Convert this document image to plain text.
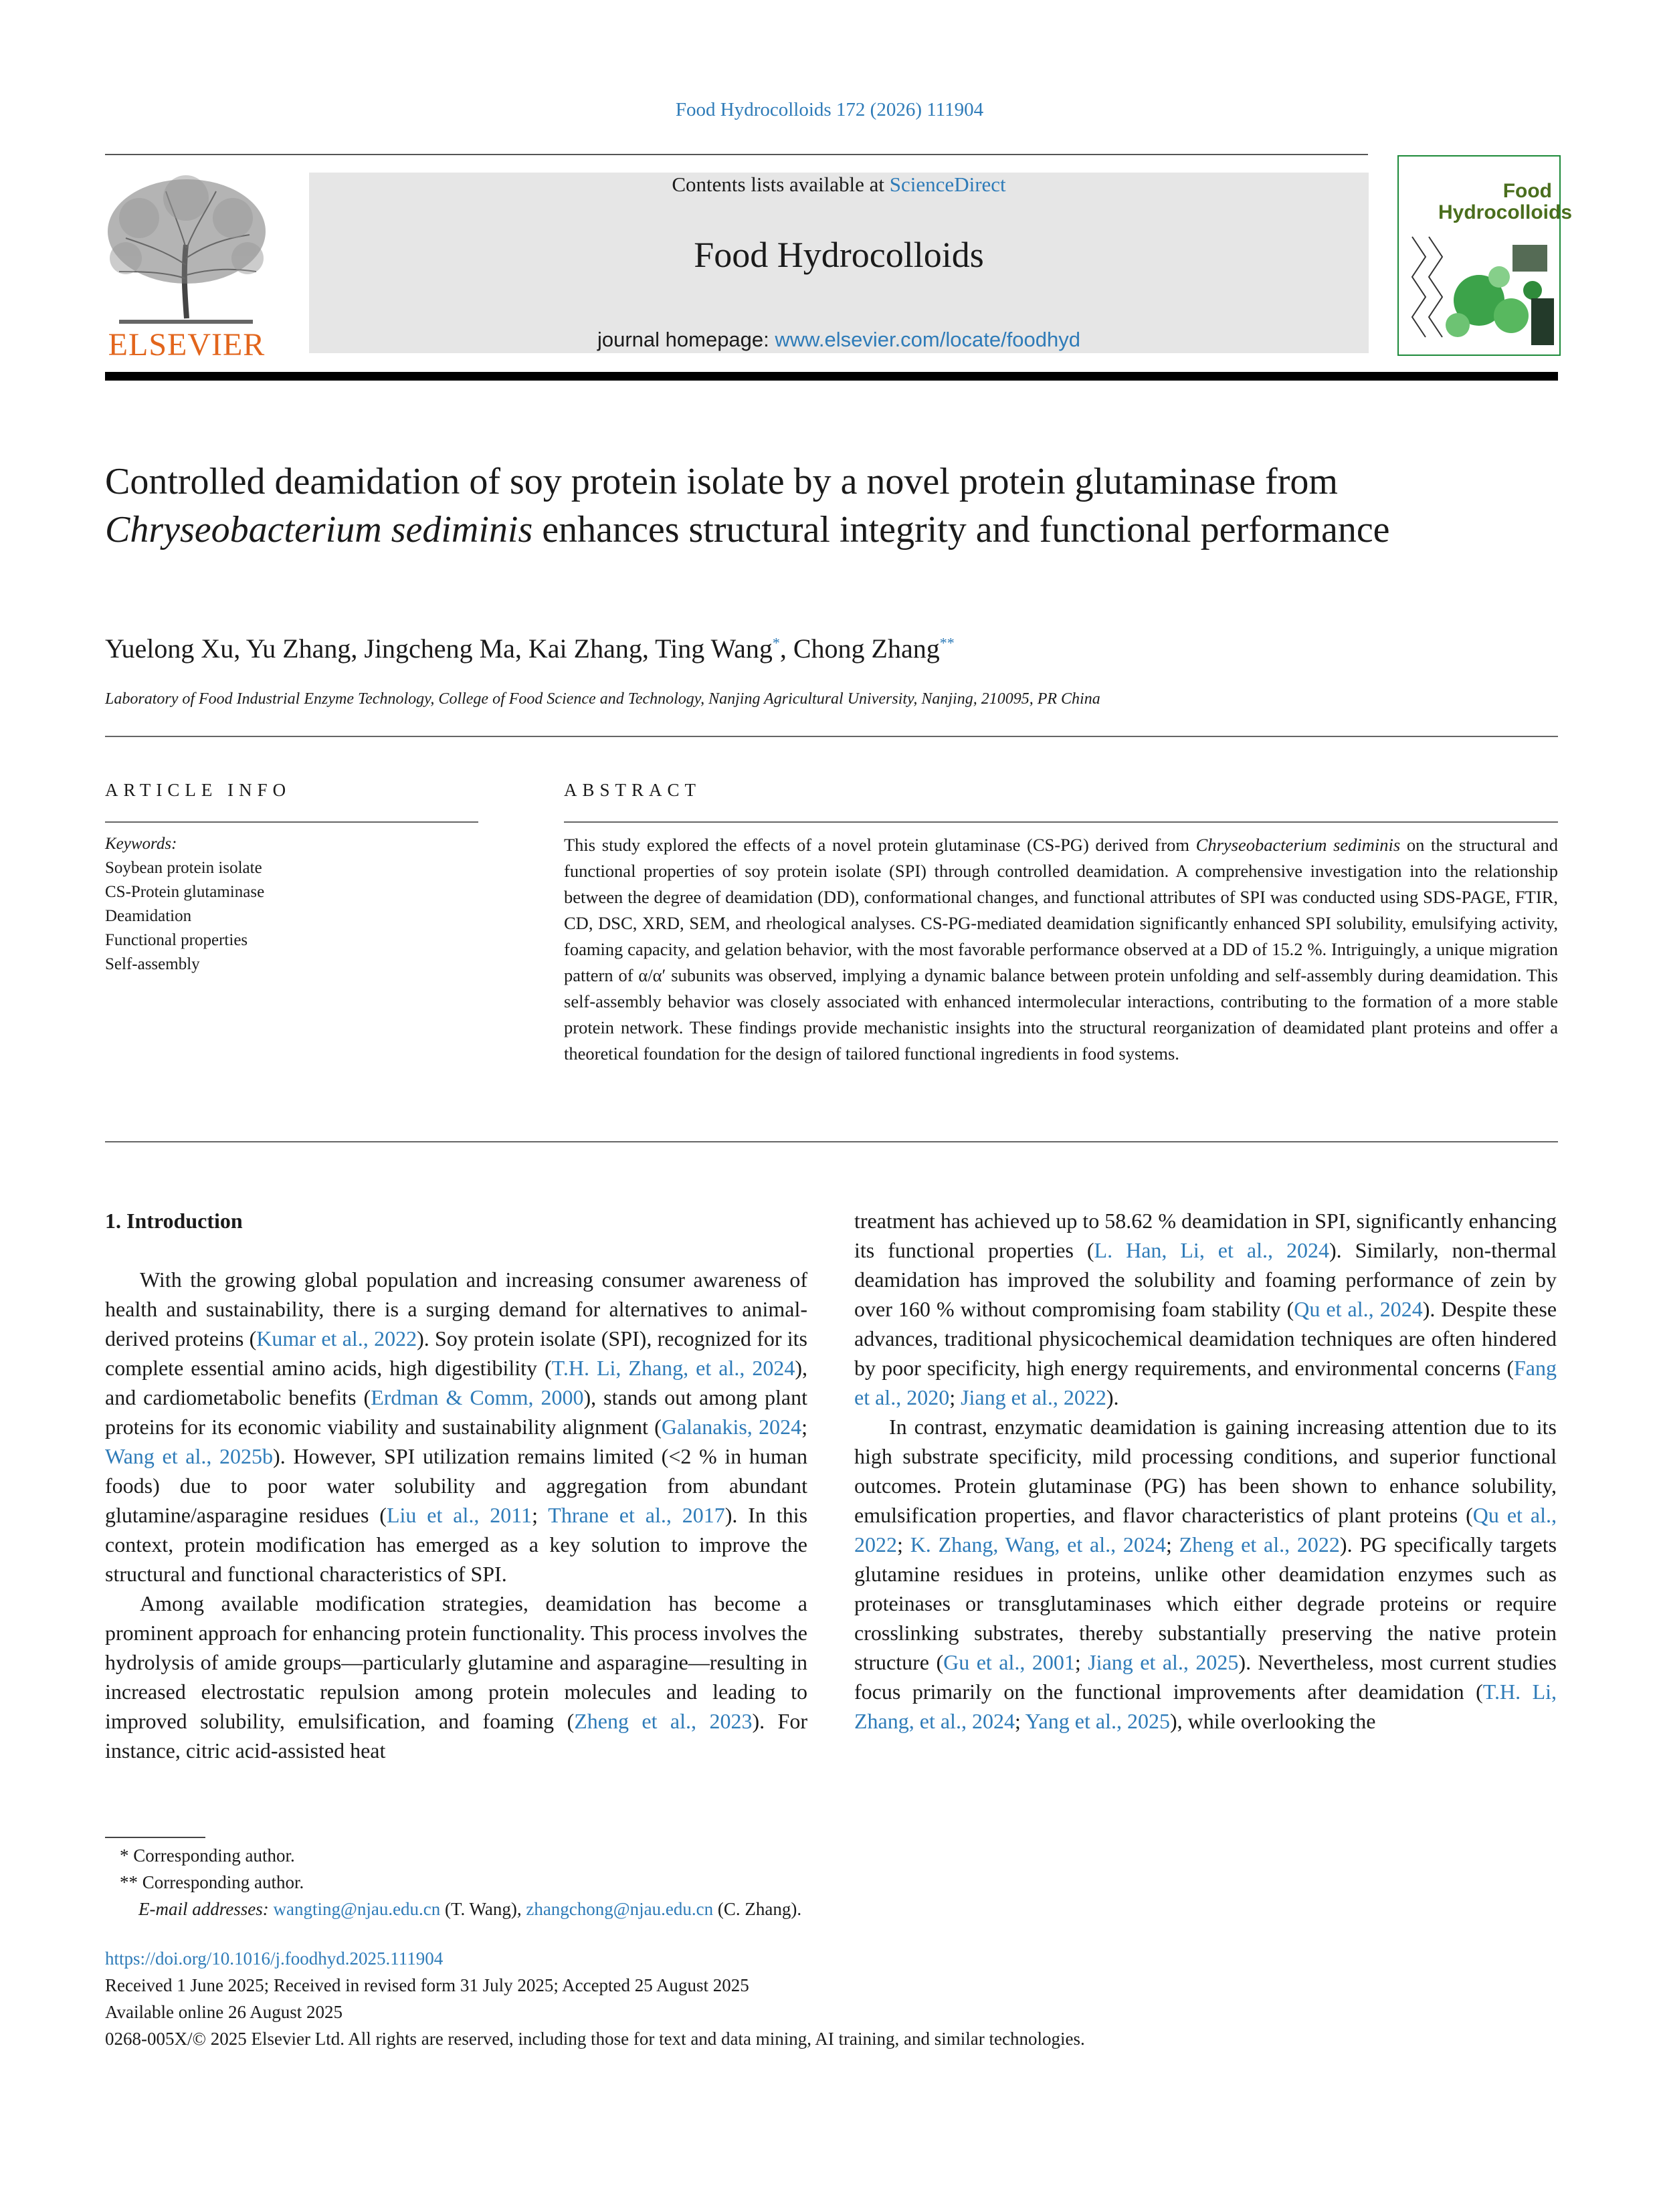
Food Hydrocolloids 172 (2026) 111904
ELSEVIER
Contents lists available at ScienceDirect
Food Hydrocolloids
journal homepage: www.elsevier.com/locate/foodhyd
Food
Hydrocolloids
Controlled deamidation of soy protein isolate by a novel protein glutaminase from Chryseobacterium sediminis enhances structural integrity and functional performance
Yuelong Xu, Yu Zhang, Jingcheng Ma, Kai Zhang, Ting Wang*, Chong Zhang**
Laboratory of Food Industrial Enzyme Technology, College of Food Science and Technology, Nanjing Agricultural University, Nanjing, 210095, PR China
ARTICLE INFO	ABSTRACT
Keywords:
Soybean protein isolate
CS-Protein glutaminase
Deamidation
Functional properties
Self-assembly
This study explored the effects of a novel protein glutaminase (CS-PG) derived from Chryseobacterium sediminis on the structural and functional properties of soy protein isolate (SPI) through controlled deamidation. A comprehensive investigation into the relationship between the degree of deamidation (DD), conformational changes, and functional attributes of SPI was conducted using SDS-PAGE, FTIR, CD, DSC, XRD, SEM, and rheological analyses. CS-PG-mediated deamidation significantly enhanced SPI solubility, emulsifying activity, foaming capacity, and gelation behavior, with the most favorable performance observed at a DD of 15.2 %. Intriguingly, a unique migration pattern of α/α′ subunits was observed, implying a dynamic balance between protein unfolding and self-assembly during deamidation. This self-assembly behavior was closely associated with enhanced intermolecular interactions, contributing to the formation of a more stable protein network. These findings provide mechanistic insights into the structural reorganization of deamidated plant proteins and offer a theoretical foundation for the design of tailored functional ingredients in food systems.
1. Introduction

With the growing global population and increasing consumer awareness of health and sustainability, there is a surging demand for alternatives to animal-derived proteins (Kumar et al., 2022). Soy protein isolate (SPI), recognized for its complete essential amino acids, high digestibility (T.H. Li, Zhang, et al., 2024), and cardiometabolic benefits (Erdman & Comm, 2000), stands out among plant proteins for its economic viability and sustainability alignment (Galanakis, 2024; Wang et al., 2025b). However, SPI utilization remains limited (<2 % in human foods) due to poor water solubility and aggregation from abundant glutamine/asparagine residues (Liu et al., 2011; Thrane et al., 2017). In this context, protein modification has emerged as a key solution to improve the structural and functional characteristics of SPI.

Among available modification strategies, deamidation has become a prominent approach for enhancing protein functionality. This process involves the hydrolysis of amide groups—particularly glutamine and asparagine—resulting in increased electrostatic repulsion among protein molecules and leading to improved solubility, emulsification, and foaming (Zheng et al., 2023). For instance, citric acid-assisted heat

treatment has achieved up to 58.62 % deamidation in SPI, significantly enhancing its functional properties (L. Han, Li, et al., 2024). Similarly, non-thermal deamidation has improved the solubility and foaming performance of zein by over 160 % without compromising foam stability (Qu et al., 2024). Despite these advances, traditional physicochemical deamidation techniques are often hindered by poor specificity, high energy requirements, and environmental concerns (Fang et al., 2020; Jiang et al., 2022).

In contrast, enzymatic deamidation is gaining increasing attention due to its high substrate specificity, mild processing conditions, and superior functional outcomes. Protein glutaminase (PG) has been shown to enhance solubility, emulsification properties, and flavor characteristics of plant proteins (Qu et al., 2022; K. Zhang, Wang, et al., 2024; Zheng et al., 2022). PG specifically targets glutamine residues in proteins, unlike other deamidation enzymes such as proteinases or transglutaminases which either degrade proteins or require crosslinking substrates, thereby substantially preserving the native protein structure (Gu et al., 2001; Jiang et al., 2025). Nevertheless, most current studies focus primarily on the functional improvements after deamidation (T.H. Li, Zhang, et al., 2024; Yang et al., 2025), while overlooking the

* Corresponding author.
** Corresponding author.
E-mail addresses: wangting@njau.edu.cn (T. Wang), zhangchong@njau.edu.cn (C. Zhang).
https://doi.org/10.1016/j.foodhyd.2025.111904
Received 1 June 2025; Received in revised form 31 July 2025; Accepted 25 August 2025
Available online 26 August 2025
0268-005X/© 2025 Elsevier Ltd. All rights are reserved, including those for text and data mining, AI training, and similar technologies.
